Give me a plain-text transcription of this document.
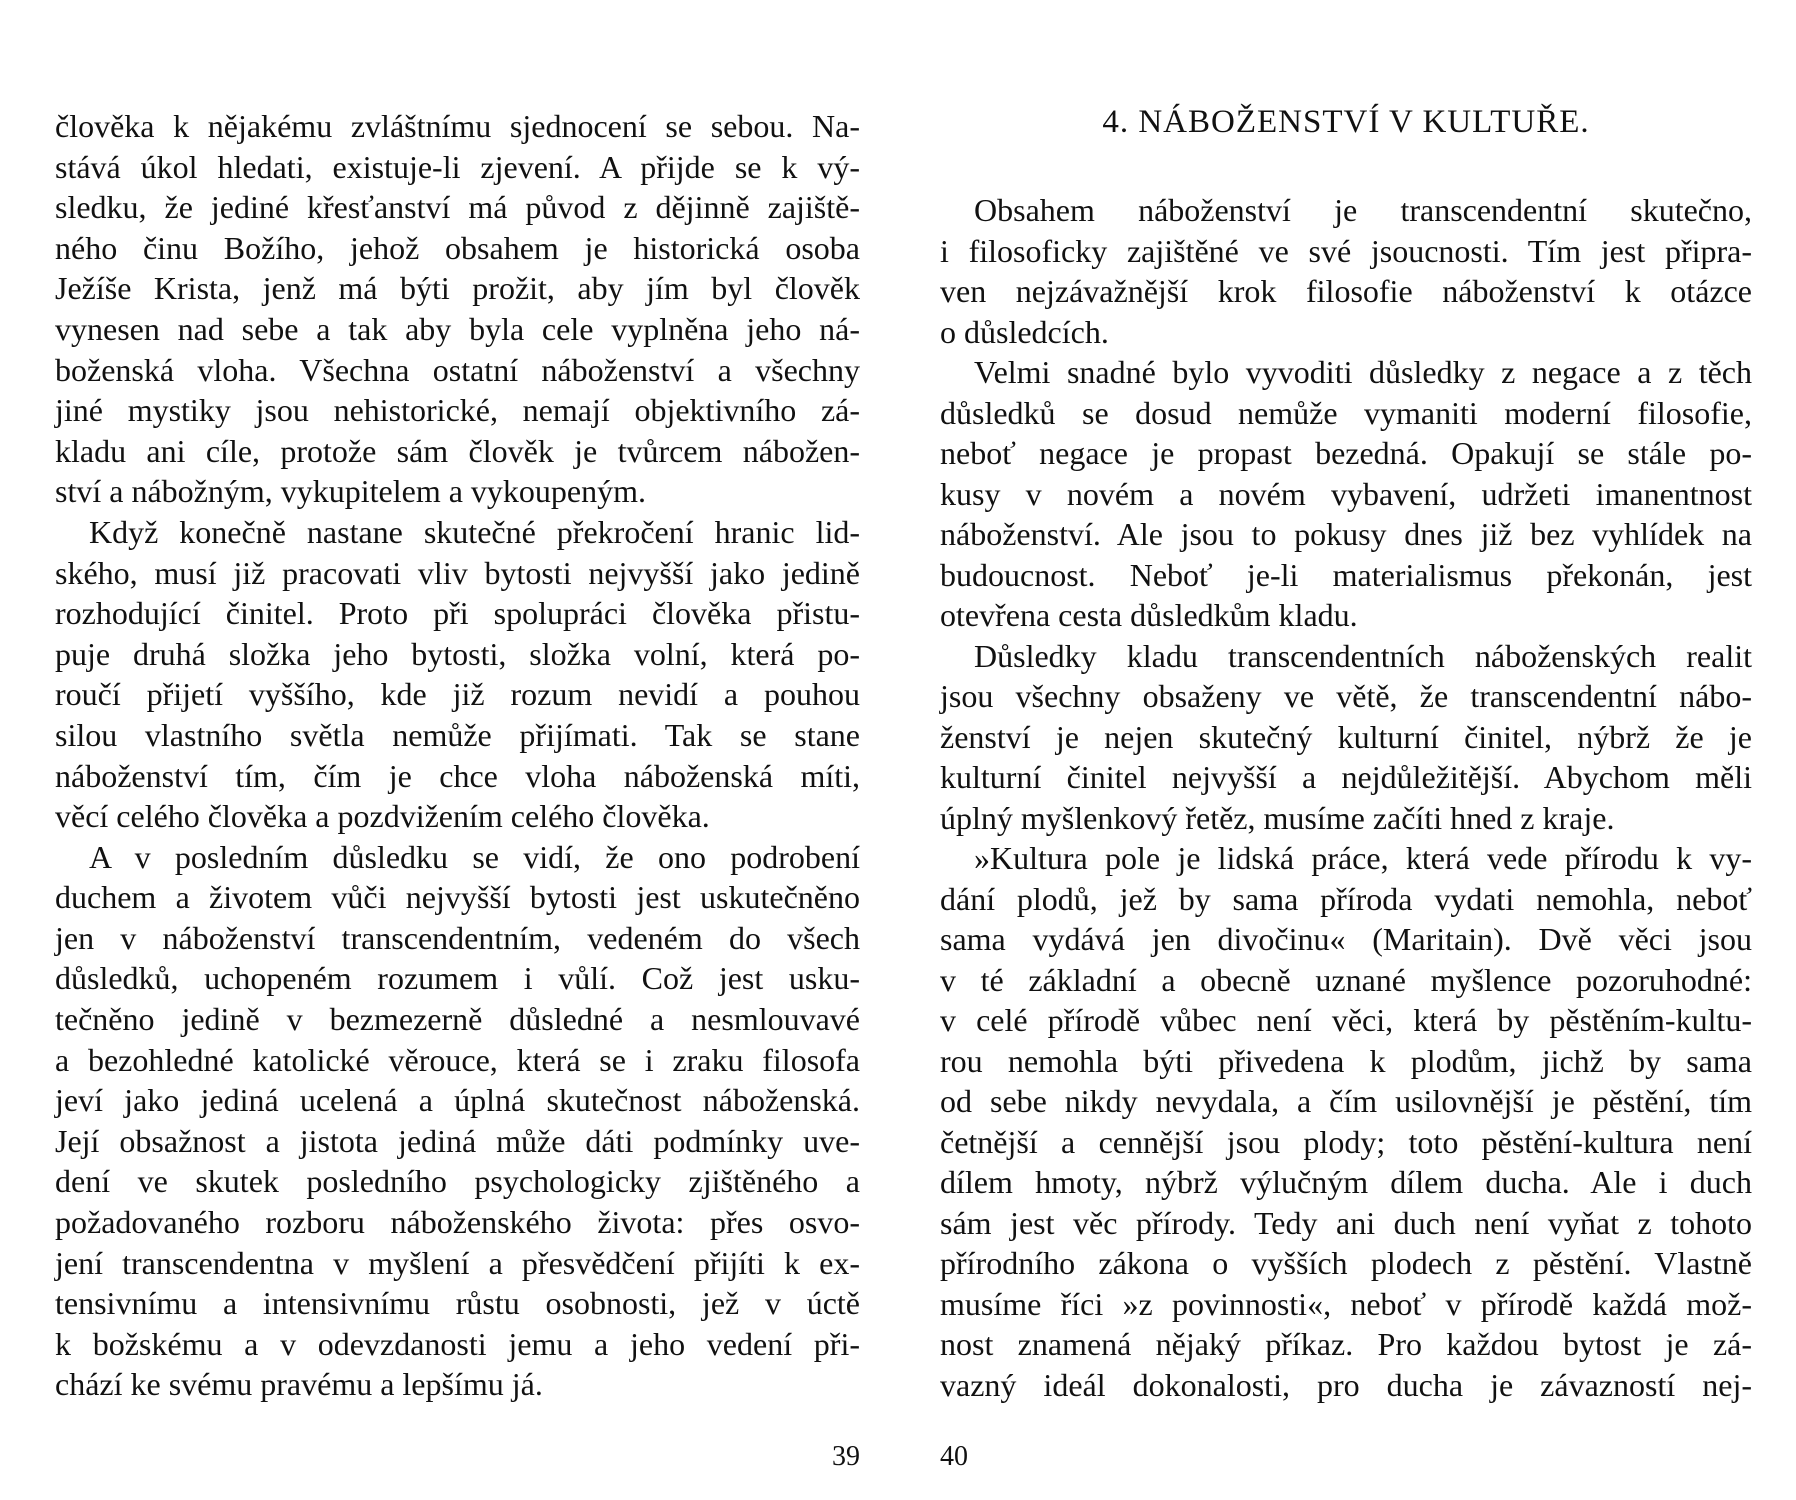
člověka k nějakému zvláštnímu sjednocení se sebou. Na-
stává úkol hledati, existuje-li zjevení. A přijde se k vý-
sledku, že jediné křesťanství má původ z dějinně zajiště-
ného činu Božího, jehož obsahem je historická osoba
Ježíše Krista, jenž má býti prožit, aby jím byl člověk
vynesen nad sebe a tak aby byla cele vyplněna jeho ná-
boženská vloha. Všechna ostatní náboženství a všechny
jiné mystiky jsou nehistorické, nemají objektivního zá-
kladu ani cíle, protože sám člověk je tvůrcem nábožen-
ství a nábožným, vykupitelem a vykoupeným.
Když konečně nastane skutečné překročení hranic lid-
ského, musí již pracovati vliv bytosti nejvyšší jako jedině
rozhodující činitel. Proto při spolupráci člověka přistu-
puje druhá složka jeho bytosti, složka volní, která po-
roučí přijetí vyššího, kde již rozum nevidí a pouhou
silou vlastního světla nemůže přijímati. Tak se stane
náboženství tím, čím je chce vloha náboženská míti,
věcí celého člověka a pozdvižením celého člověka.
A v posledním důsledku se vidí, že ono podrobení
duchem a životem vůči nejvyšší bytosti jest uskutečněno
jen v náboženství transcendentním, vedeném do všech
důsledků, uchopeném rozumem i vůlí. Což jest usku-
tečněno jedině v bezmezerně důsledné a nesmlouvavé
a bezohledné katolické věrouce, která se i zraku filosofa
jeví jako jediná ucelená a úplná skutečnost náboženská.
Její obsažnost a jistota jediná může dáti podmínky uve-
dení ve skutek posledního psychologicky zjištěného a
požadovaného rozboru náboženského života: přes osvo-
jení transcendentna v myšlení a přesvědčení přijíti k ex-
tensivnímu a intensivnímu růstu osobnosti, jež v úctě
k božskému a v odevzdanosti jemu a jeho vedení při-
chází ke svému pravému a lepšímu já.
39
4. NÁBOŽENSTVÍ V KULTUŘE.
Obsahem náboženství je transcendentní skutečno,
i filosoficky zajištěné ve své jsoucnosti. Tím jest připra-
ven nejzávažnější krok filosofie náboženství k otázce
o důsledcích.
Velmi snadné bylo vyvoditi důsledky z negace a z těch
důsledků se dosud nemůže vymaniti moderní filosofie,
neboť negace je propast bezedná. Opakují se stále po-
kusy v novém a novém vybavení, udržeti imanentnost
náboženství. Ale jsou to pokusy dnes již bez vyhlídek na
budoucnost. Neboť je-li materialismus překonán, jest
otevřena cesta důsledkům kladu.
Důsledky kladu transcendentních náboženských realit
jsou všechny obsaženy ve větě, že transcendentní nábo-
ženství je nejen skutečný kulturní činitel, nýbrž že je
kulturní činitel nejvyšší a nejdůležitější. Abychom měli
úplný myšlenkový řetěz, musíme začíti hned z kraje.
»Kultura pole je lidská práce, která vede přírodu k vy-
dání plodů, jež by sama příroda vydati nemohla, neboť
sama vydává jen divočinu« (Maritain). Dvě věci jsou
v té základní a obecně uznané myšlence pozoruhodné:
v celé přírodě vůbec není věci, která by pěstěním-kultu-
rou nemohla býti přivedena k plodům, jichž by sama
od sebe nikdy nevydala, a čím usilovnější je pěstění, tím
četnější a cennější jsou plody; toto pěstění-kultura není
dílem hmoty, nýbrž výlučným dílem ducha. Ale i duch
sám jest věc přírody. Tedy ani duch není vyňat z tohoto
přírodního zákona o vyšších plodech z pěstění. Vlastně
musíme říci »z povinnosti«, neboť v přírodě každá mož-
nost znamená nějaký příkaz. Pro každou bytost je zá-
vazný ideál dokonalosti, pro ducha je závazností nej-
40
